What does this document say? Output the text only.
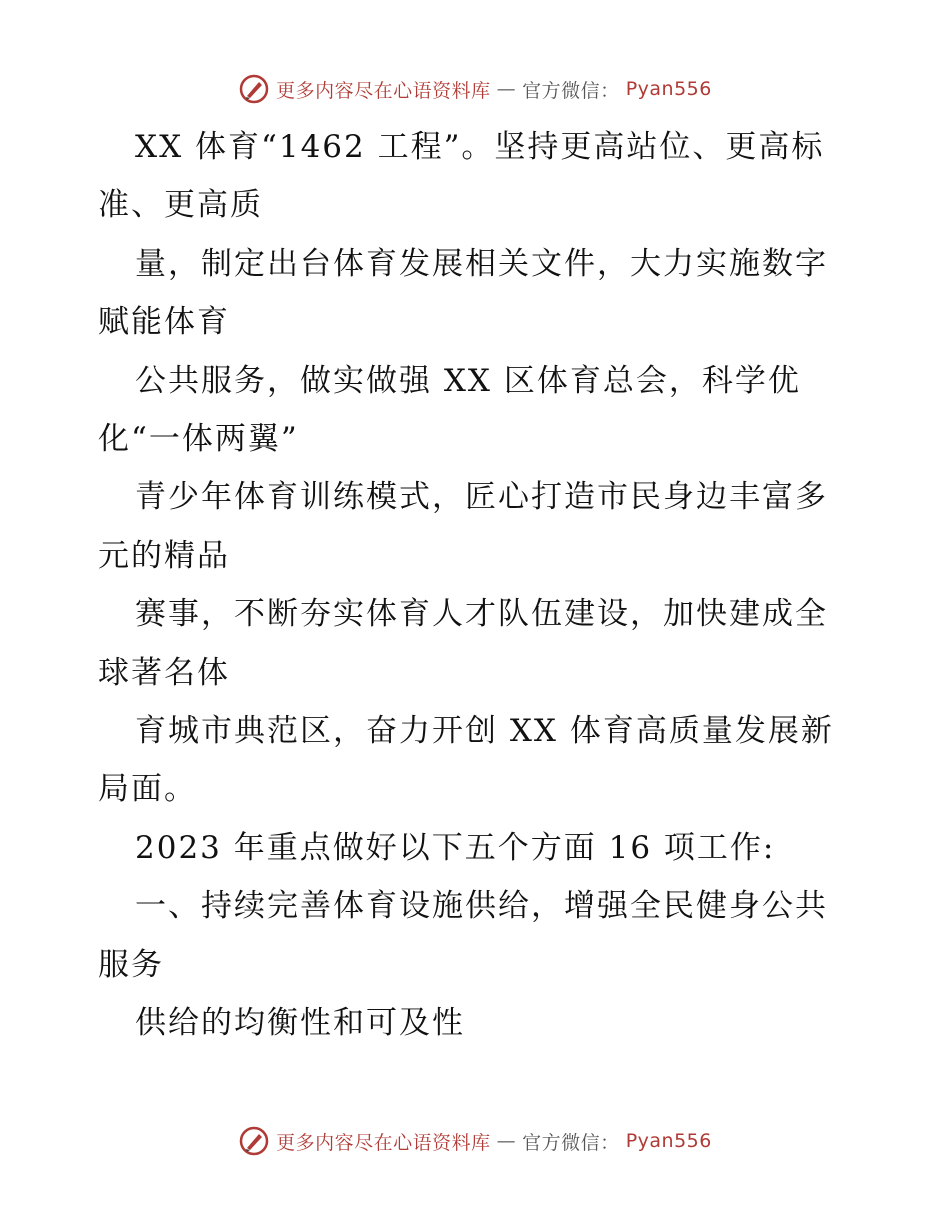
更多内容尽在心语资料库 — 官方微信： Pyan556

XX 体育“1462 工程”。坚持更高站位、更高标准、更高质

量，制定出台体育发展相关文件，大力实施数字赋能体育

公共服务，做实做强 XX 区体育总会，科学优化“一体两翼”

青少年体育训练模式，匠心打造市民身边丰富多元的精品

赛事，不断夯实体育人才队伍建设，加快建成全球著名体

育城市典范区，奋力开创 XX 体育高质量发展新局面。

2023 年重点做好以下五个方面 16 项工作:

一、持续完善体育设施供给，增强全民健身公共服务

供给的均衡性和可及性

更多内容尽在心语资料库 — 官方微信： Pyan556
